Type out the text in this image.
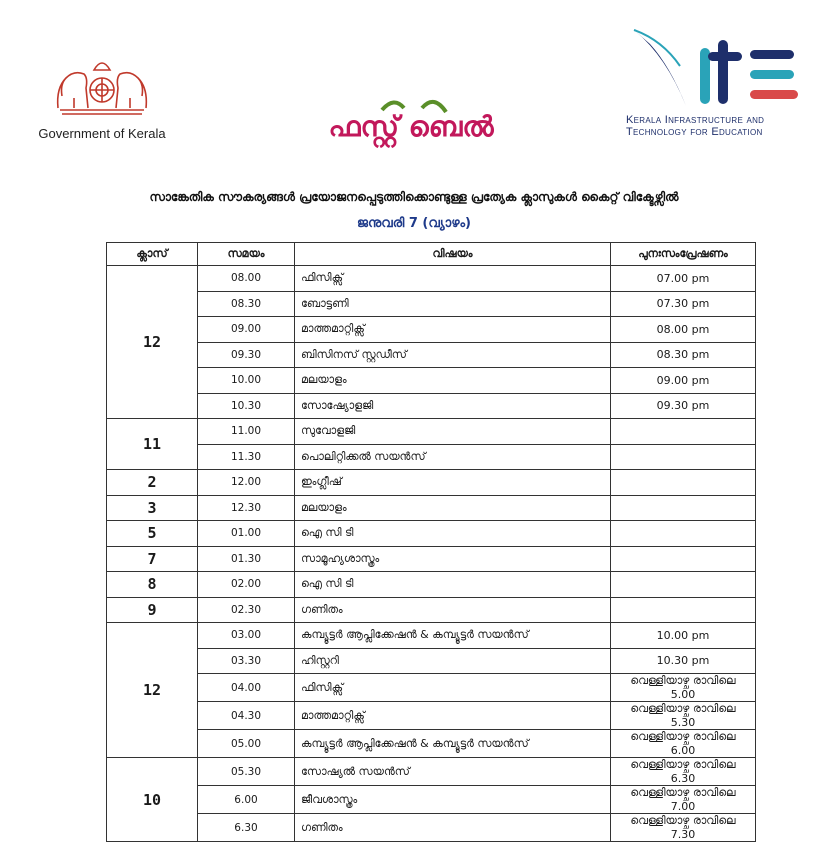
Government of Kerala	ഫസ്റ്റ് ബെൽ	KITE
Kerala Infrastructure and
Technology for Education
സാങ്കേതിക സൗകര്യങ്ങൾ പ്രയോജനപ്പെടുത്തിക്കൊണ്ടുള്ള പ്രത്യേക ക്ലാസുകൾ കൈറ്റ് വിക്ടേഴ്സിൽ
ജനുവരി 7 (വ്യാഴം)
ക്ലാസ്	സമയം	വിഷയം	പുനഃസംപ്രേഷണം
12	08.00	ഫിസിക്സ്	07.00 pm
	08.30	ബോട്ടണി	07.30 pm
	09.00	മാത്തമാറ്റിക്സ്	08.00 pm
	09.30	ബിസിനസ് സ്റ്റഡീസ്	08.30 pm
	10.00	മലയാളം	09.00 pm
	10.30	സോഷ്യോളജി	09.30 pm
11	11.00	സുവോളജി	
	11.30	പൊലിറ്റിക്കൽ സയൻസ്	
2	12.00	ഇംഗ്ലീഷ്	
3	12.30	മലയാളം	
5	01.00	ഐ സി ടി	
7	01.30	സാമൂഹ്യശാസ്ത്രം	
8	02.00	ഐ സി ടി	
9	02.30	ഗണിതം	
12	03.00	കമ്പ്യൂട്ടർ ആപ്ലിക്കേഷൻ & കമ്പ്യൂട്ടർ സയൻസ്	10.00 pm
	03.30	ഹിസ്റ്ററി	10.30 pm
	04.00	ഫിസിക്സ്	വെള്ളിയാഴ്ച രാവിലെ 5.00
	04.30	മാത്തമാറ്റിക്സ്	വെള്ളിയാഴ്ച രാവിലെ 5.30
	05.00	കമ്പ്യൂട്ടർ ആപ്ലിക്കേഷൻ & കമ്പ്യൂട്ടർ സയൻസ്	വെള്ളിയാഴ്ച രാവിലെ 6.00
10	05.30	സോഷ്യൽ സയൻസ്	വെള്ളിയാഴ്ച രാവിലെ 6.30
	6.00	ജീവശാസ്ത്രം	വെള്ളിയാഴ്ച രാവിലെ 7.00
	6.30	ഗണിതം	വെള്ളിയാഴ്ച രാവിലെ 7.30
